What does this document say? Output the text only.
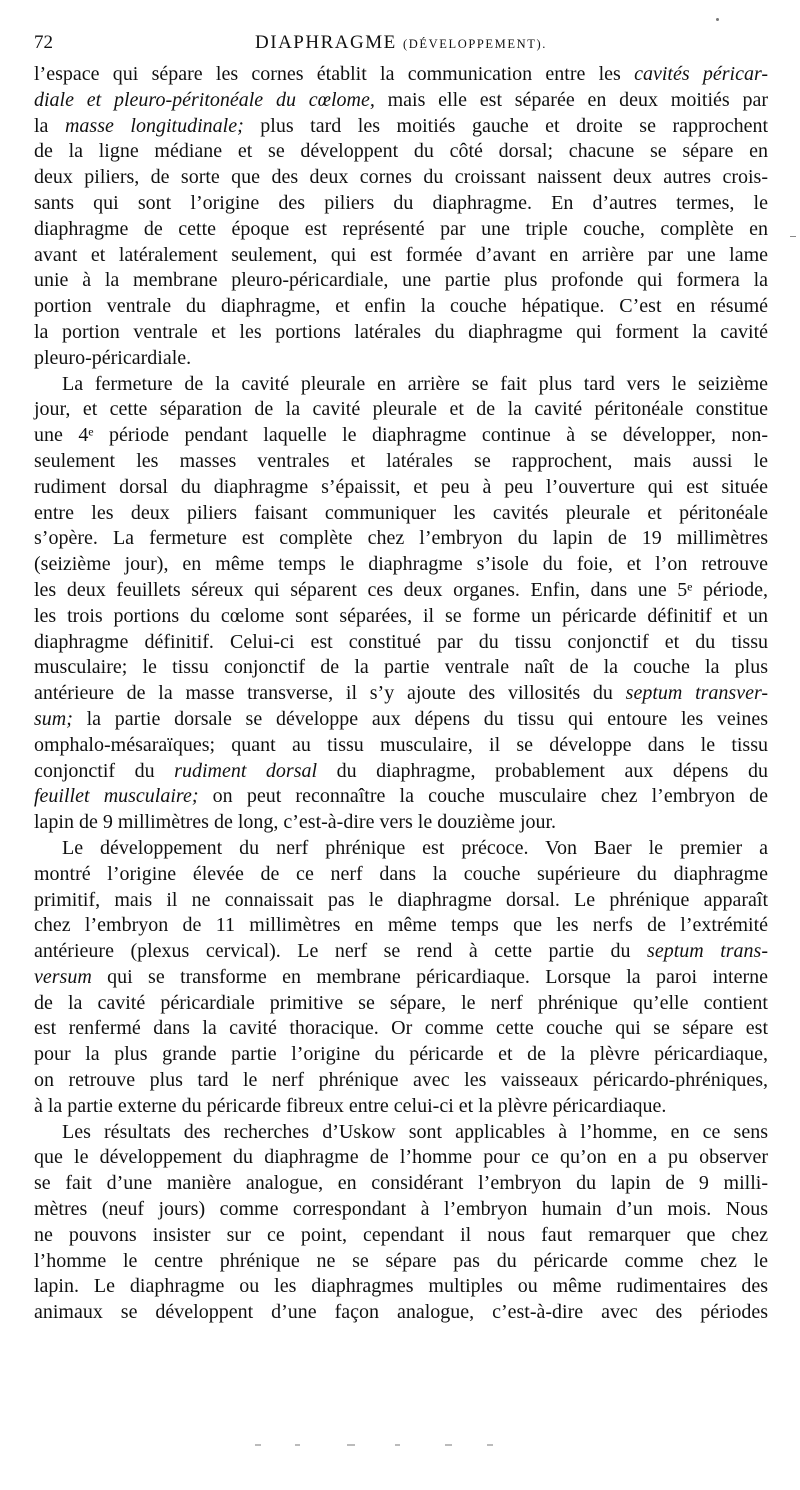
72	DIAPHRAGME (DÉVELOPPEMENT).
l’espace qui sépare les cornes établit la communication entre les cavités péricar-
diale et pleuro-péritonéale du cœlome, mais elle est séparée en deux moitiés par
la masse longitudinale; plus tard les moitiés gauche et droite se rapprochent
de la ligne médiane et se développent du côté dorsal; chacune se sépare en
deux piliers, de sorte que des deux cornes du croissant naissent deux autres crois-
sants qui sont l’origine des piliers du diaphragme. En d’autres termes, le
diaphragme de cette époque est représenté par une triple couche, complète en
avant et latéralement seulement, qui est formée d’avant en arrière par une lame
unie à la membrane pleuro-péricardiale, une partie plus profonde qui formera la
portion ventrale du diaphragme, et enfin la couche hépatique. C’est en résumé
la portion ventrale et les portions latérales du diaphragme qui forment la cavité
pleuro-péricardiale.
La fermeture de la cavité pleurale en arrière se fait plus tard vers le seizième
jour, et cette séparation de la cavité pleurale et de la cavité péritonéale constitue
une 4ᵉ période pendant laquelle le diaphragme continue à se développer, non-
seulement les masses ventrales et latérales se rapprochent, mais aussi le
rudiment dorsal du diaphragme s’épaissit, et peu à peu l’ouverture qui est située
entre les deux piliers faisant communiquer les cavités pleurale et péritonéale
s’opère. La fermeture est complète chez l’embryon du lapin de 19 millimètres
(seizième jour), en même temps le diaphragme s’isole du foie, et l’on retrouve
les deux feuillets séreux qui séparent ces deux organes. Enfin, dans une 5ᵉ période,
les trois portions du cœlome sont séparées, il se forme un péricarde définitif et un
diaphragme définitif. Celui-ci est constitué par du tissu conjonctif et du tissu
musculaire; le tissu conjonctif de la partie ventrale naît de la couche la plus
antérieure de la masse transverse, il s’y ajoute des villosités du septum transver-
sum; la partie dorsale se développe aux dépens du tissu qui entoure les veines
omphalo-mésaraïques; quant au tissu musculaire, il se développe dans le tissu
conjonctif du rudiment dorsal du diaphragme, probablement aux dépens du
feuillet musculaire; on peut reconnaître la couche musculaire chez l’embryon de
lapin de 9 millimètres de long, c’est-à-dire vers le douzième jour.
Le développement du nerf phrénique est précoce. Von Baer le premier a
montré l’origine élevée de ce nerf dans la couche supérieure du diaphragme
primitif, mais il ne connaissait pas le diaphragme dorsal. Le phrénique apparaît
chez l’embryon de 11 millimètres en même temps que les nerfs de l’extrémité
antérieure (plexus cervical). Le nerf se rend à cette partie du septum trans-
versum qui se transforme en membrane péricardiaque. Lorsque la paroi interne
de la cavité péricardiale primitive se sépare, le nerf phrénique qu’elle contient
est renfermé dans la cavité thoracique. Or comme cette couche qui se sépare est
pour la plus grande partie l’origine du péricarde et de la plèvre péricardiaque,
on retrouve plus tard le nerf phrénique avec les vaisseaux péricardo-phréniques,
à la partie externe du péricarde fibreux entre celui-ci et la plèvre péricardiaque.
Les résultats des recherches d’Uskow sont applicables à l’homme, en ce sens
que le développement du diaphragme de l’homme pour ce qu’on en a pu observer
se fait d’une manière analogue, en considérant l’embryon du lapin de 9 milli-
mètres (neuf jours) comme correspondant à l’embryon humain d’un mois. Nous
ne pouvons insister sur ce point, cependant il nous faut remarquer que chez
l’homme le centre phrénique ne se sépare pas du péricarde comme chez le
lapin. Le diaphragme ou les diaphragmes multiples ou même rudimentaires des
animaux se développent d’une façon analogue, c’est-à-dire avec des périodes
